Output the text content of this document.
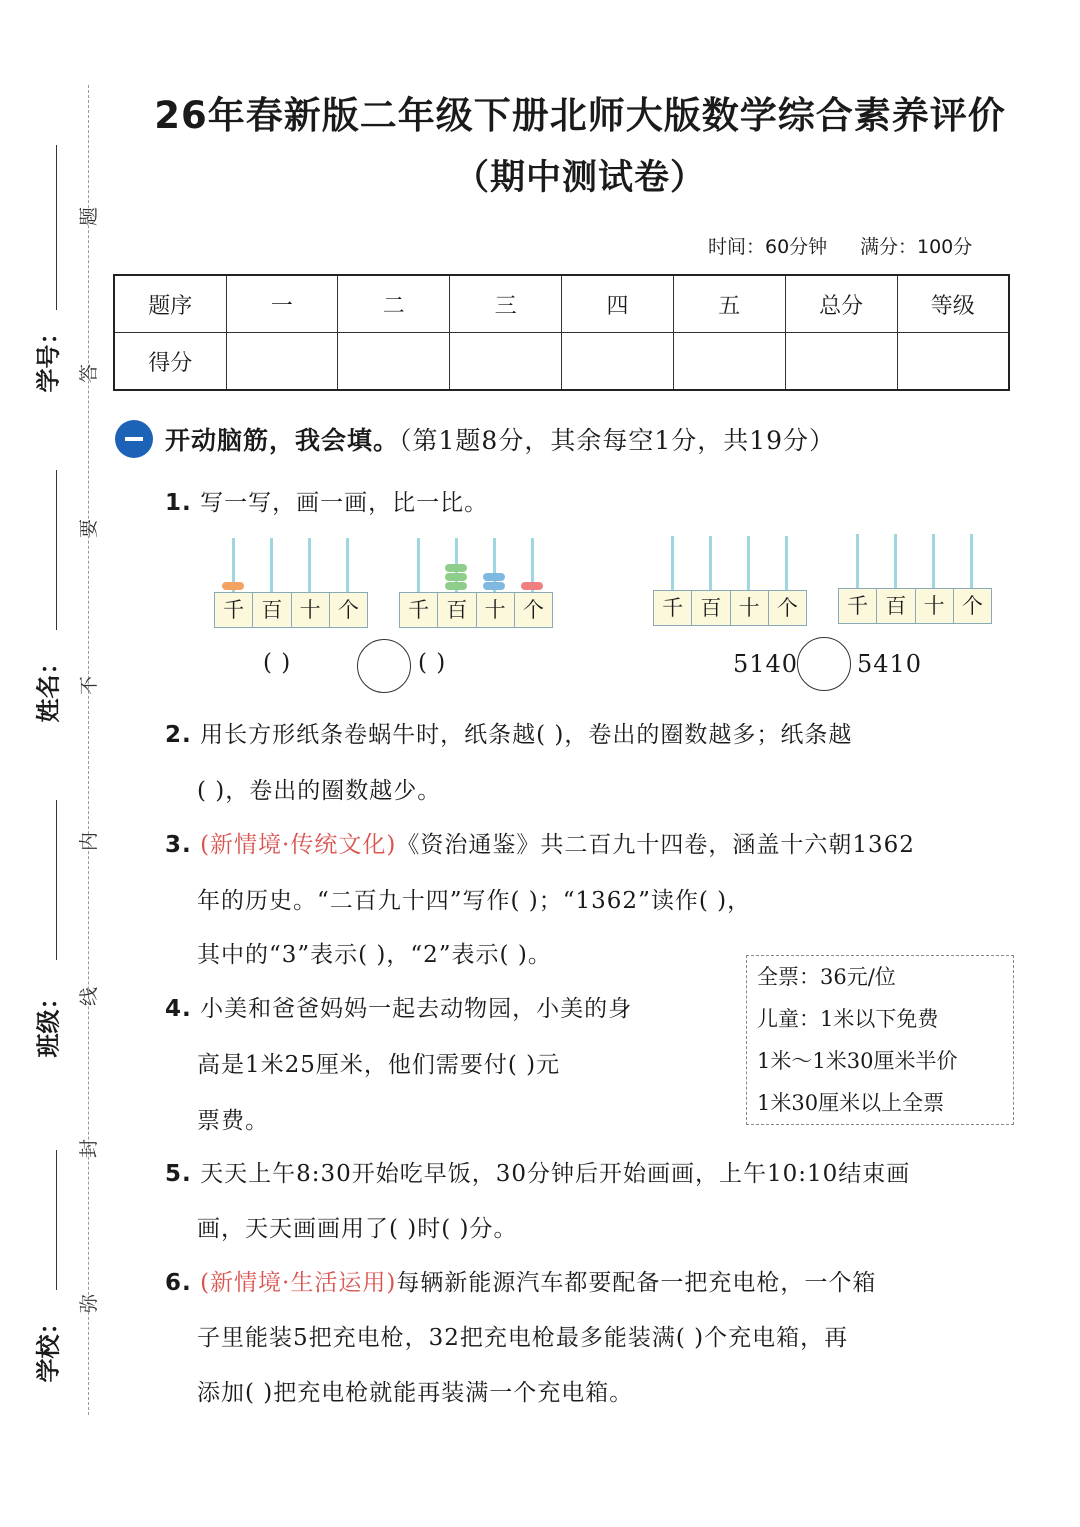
学号：
姓名：
班级：
学校：
题
答
要
不
内
线
封
弥
26年春新版二年级下册北师大版数学综合素养评价
（期中测试卷）
时间：60分钟 满分：100分
题序	一	二	三	四	五	总分	等级
得分							
开动脑筋，我会填。（第1题8分，其余每空1分，共19分）
1. 写一写，画一画，比一比。
千 百 十 个	千 百 十 个	千 百 十 个	千 百 十 个
( )	( )	5140 5410
2. 用长方形纸条卷蜗牛时，纸条越( )，卷出的圈数越多；纸条越
( )，卷出的圈数越少。
3. (新情境·传统文化)《资治通鉴》共二百九十四卷，涵盖十六朝1362
年的历史。“二百九十四”写作( )；“1362”读作( )，
其中的“3”表示( )，“2”表示( )。
4. 小美和爸爸妈妈一起去动物园，小美的身
高是1米25厘米，他们需要付( )元
票费。
全票：36元/位
儿童：1米以下免费
1米～1米30厘米半价
1米30厘米以上全票
5. 天天上午8:30开始吃早饭，30分钟后开始画画，上午10:10结束画
画，天天画画用了( )时( )分。
6. (新情境·生活运用)每辆新能源汽车都要配备一把充电枪，一个箱
子里能装5把充电枪，32把充电枪最多能装满( )个充电箱，再
添加( )把充电枪就能再装满一个充电箱。
